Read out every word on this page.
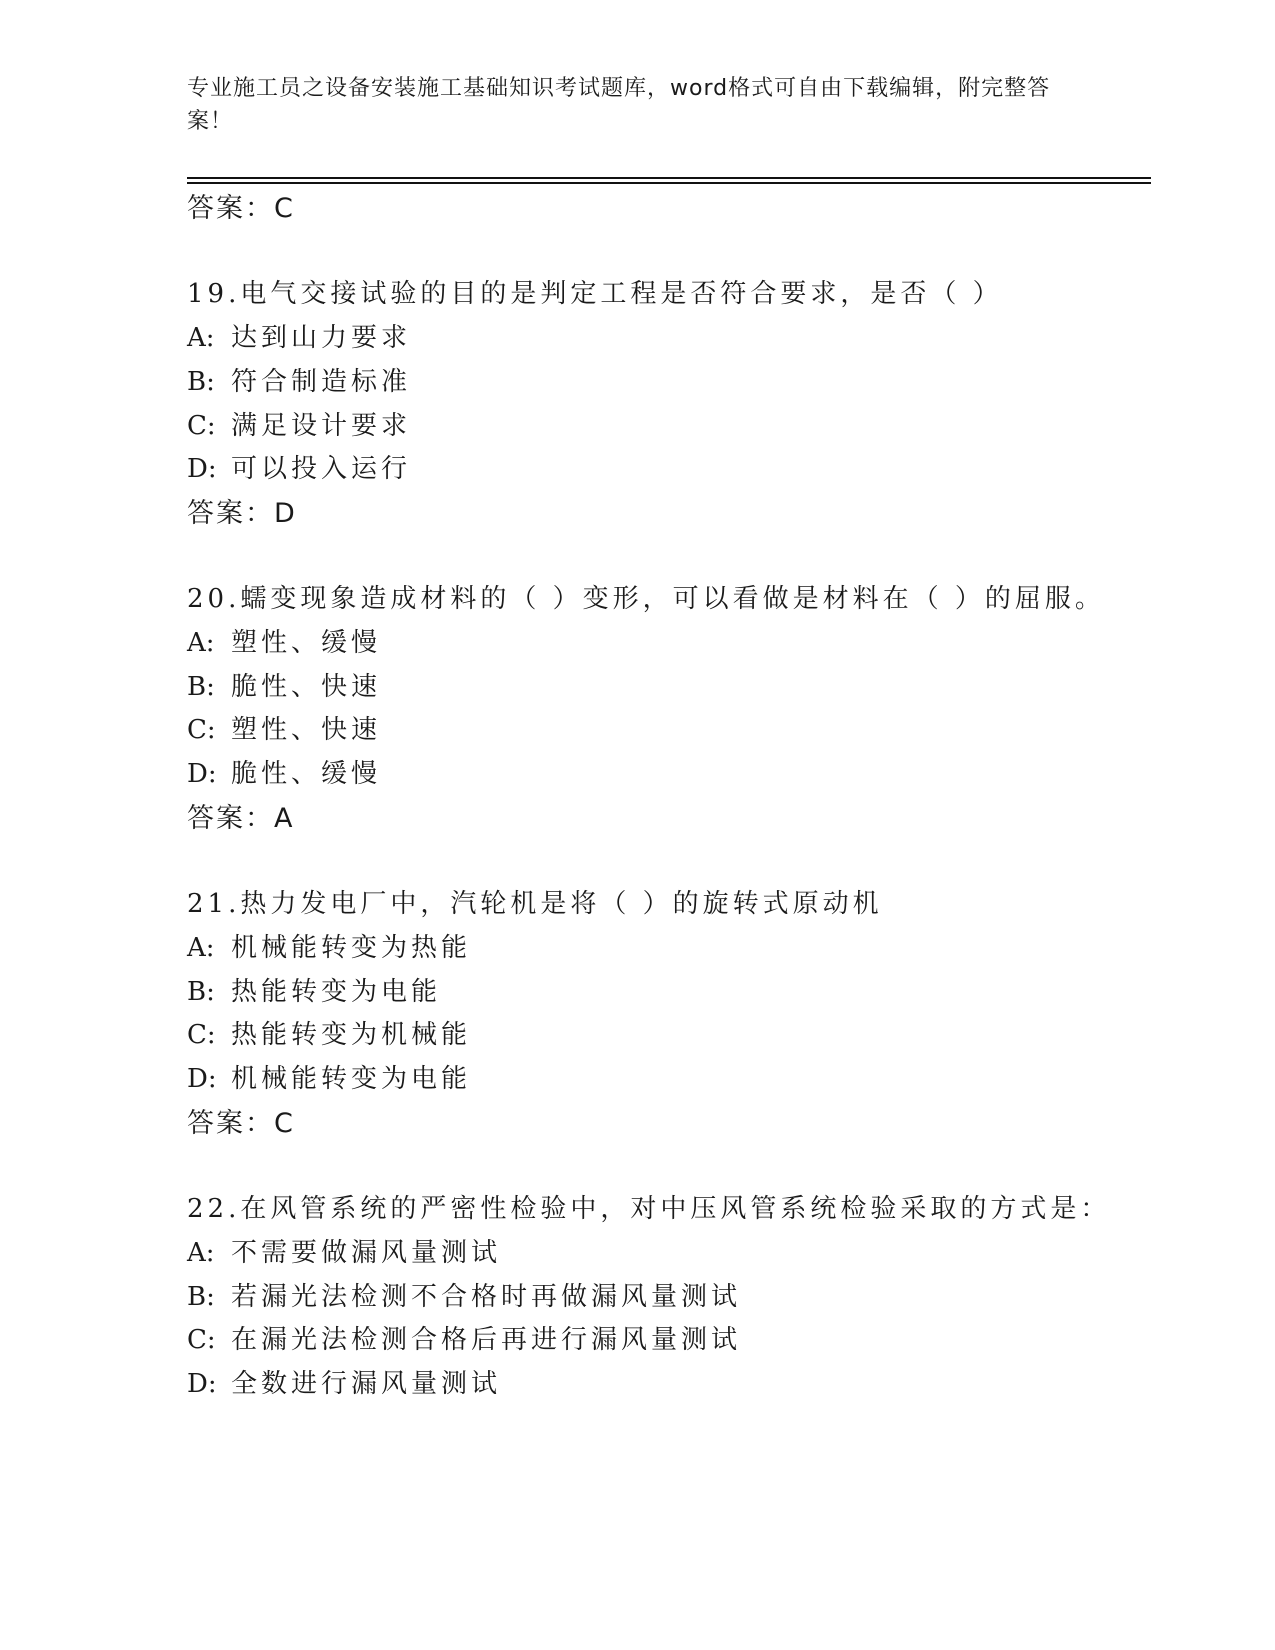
专业施工员之设备安装施工基础知识考试题库，word格式可自由下载编辑，附完整答案！
答案：C
19.电气交接试验的目的是判定工程是否符合要求，是否（ ）
A: 达到山力要求
B: 符合制造标准
C: 满足设计要求
D: 可以投入运行
答案：D
20.蠕变现象造成材料的（ ）变形，可以看做是材料在（ ）的屈服。
A: 塑性、缓慢
B: 脆性、快速
C: 塑性、快速
D: 脆性、缓慢
答案：A
21.热力发电厂中，汽轮机是将（ ）的旋转式原动机
A: 机械能转变为热能
B: 热能转变为电能
C: 热能转变为机械能
D: 机械能转变为电能
答案：C
22.在风管系统的严密性检验中，对中压风管系统检验采取的方式是：
A: 不需要做漏风量测试
B: 若漏光法检测不合格时再做漏风量测试
C: 在漏光法检测合格后再进行漏风量测试
D: 全数进行漏风量测试
